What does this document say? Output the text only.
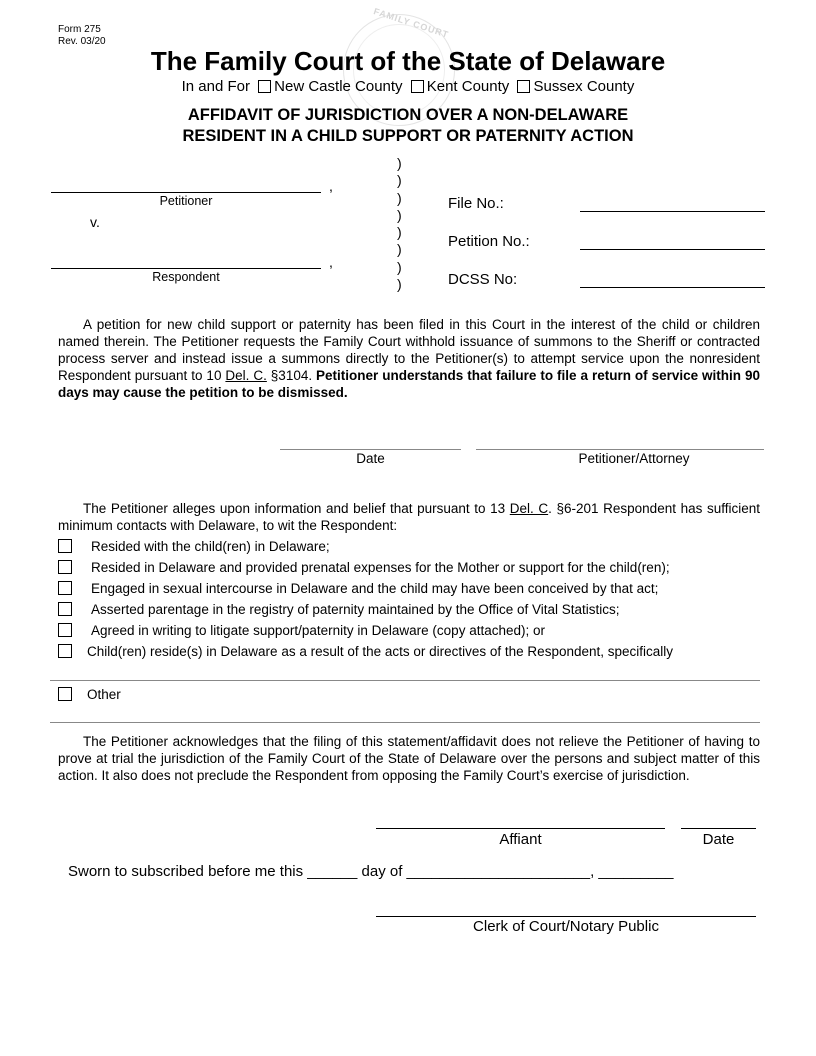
FAMILY COURT
Form 275
Rev. 03/20
The Family Court of the State of Delaware
In and For New Castle County Kent County Sussex County
AFFIDAVIT OF JURISDICTION OVER A NON-DELAWARE
RESIDENT IN A CHILD SUPPORT OR PATERNITY ACTION
,
Petitioner
v.
,
Respondent
)
)
)
)
)
)
)
)
File No.:
Petition No.:
DCSS No:

A petition for new child support or paternity has been filed in this Court in the interest of the child or children named therein. The Petitioner requests the Family Court withhold issuance of summons to the Sheriff or contracted process server and instead issue a summons directly to the Petitioner(s) to attempt service upon the nonresident Respondent pursuant to 10 Del. C. §3104. Petitioner understands that failure to file a return of service within 90 days may cause the petition to be dismissed.

Date	Petitioner/Attorney

The Petitioner alleges upon information and belief that pursuant to 13 Del. C. §6-201 Respondent has sufficient minimum contacts with Delaware, to wit the Respondent:

Resided with the child(ren) in Delaware;
Resided in Delaware and provided prenatal expenses for the Mother or support for the child(ren);
Engaged in sexual intercourse in Delaware and the child may have been conceived by that act;
Asserted parentage in the registry of paternity maintained by the Office of Vital Statistics;
Agreed in writing to litigate support/paternity in Delaware (copy attached); or
Child(ren) reside(s) in Delaware as a result of the acts or directives of the Respondent, specifically
Other

The Petitioner acknowledges that the filing of this statement/affidavit does not relieve the Petitioner of having to prove at trial the jurisdiction of the Family Court of the State of Delaware over the persons and subject matter of this action. It also does not preclude the Respondent from opposing the Family Court’s exercise of jurisdiction.

Affiant	Date
Sworn to subscribed before me this ______ day of ______________________, _________
Clerk of Court/Notary Public
